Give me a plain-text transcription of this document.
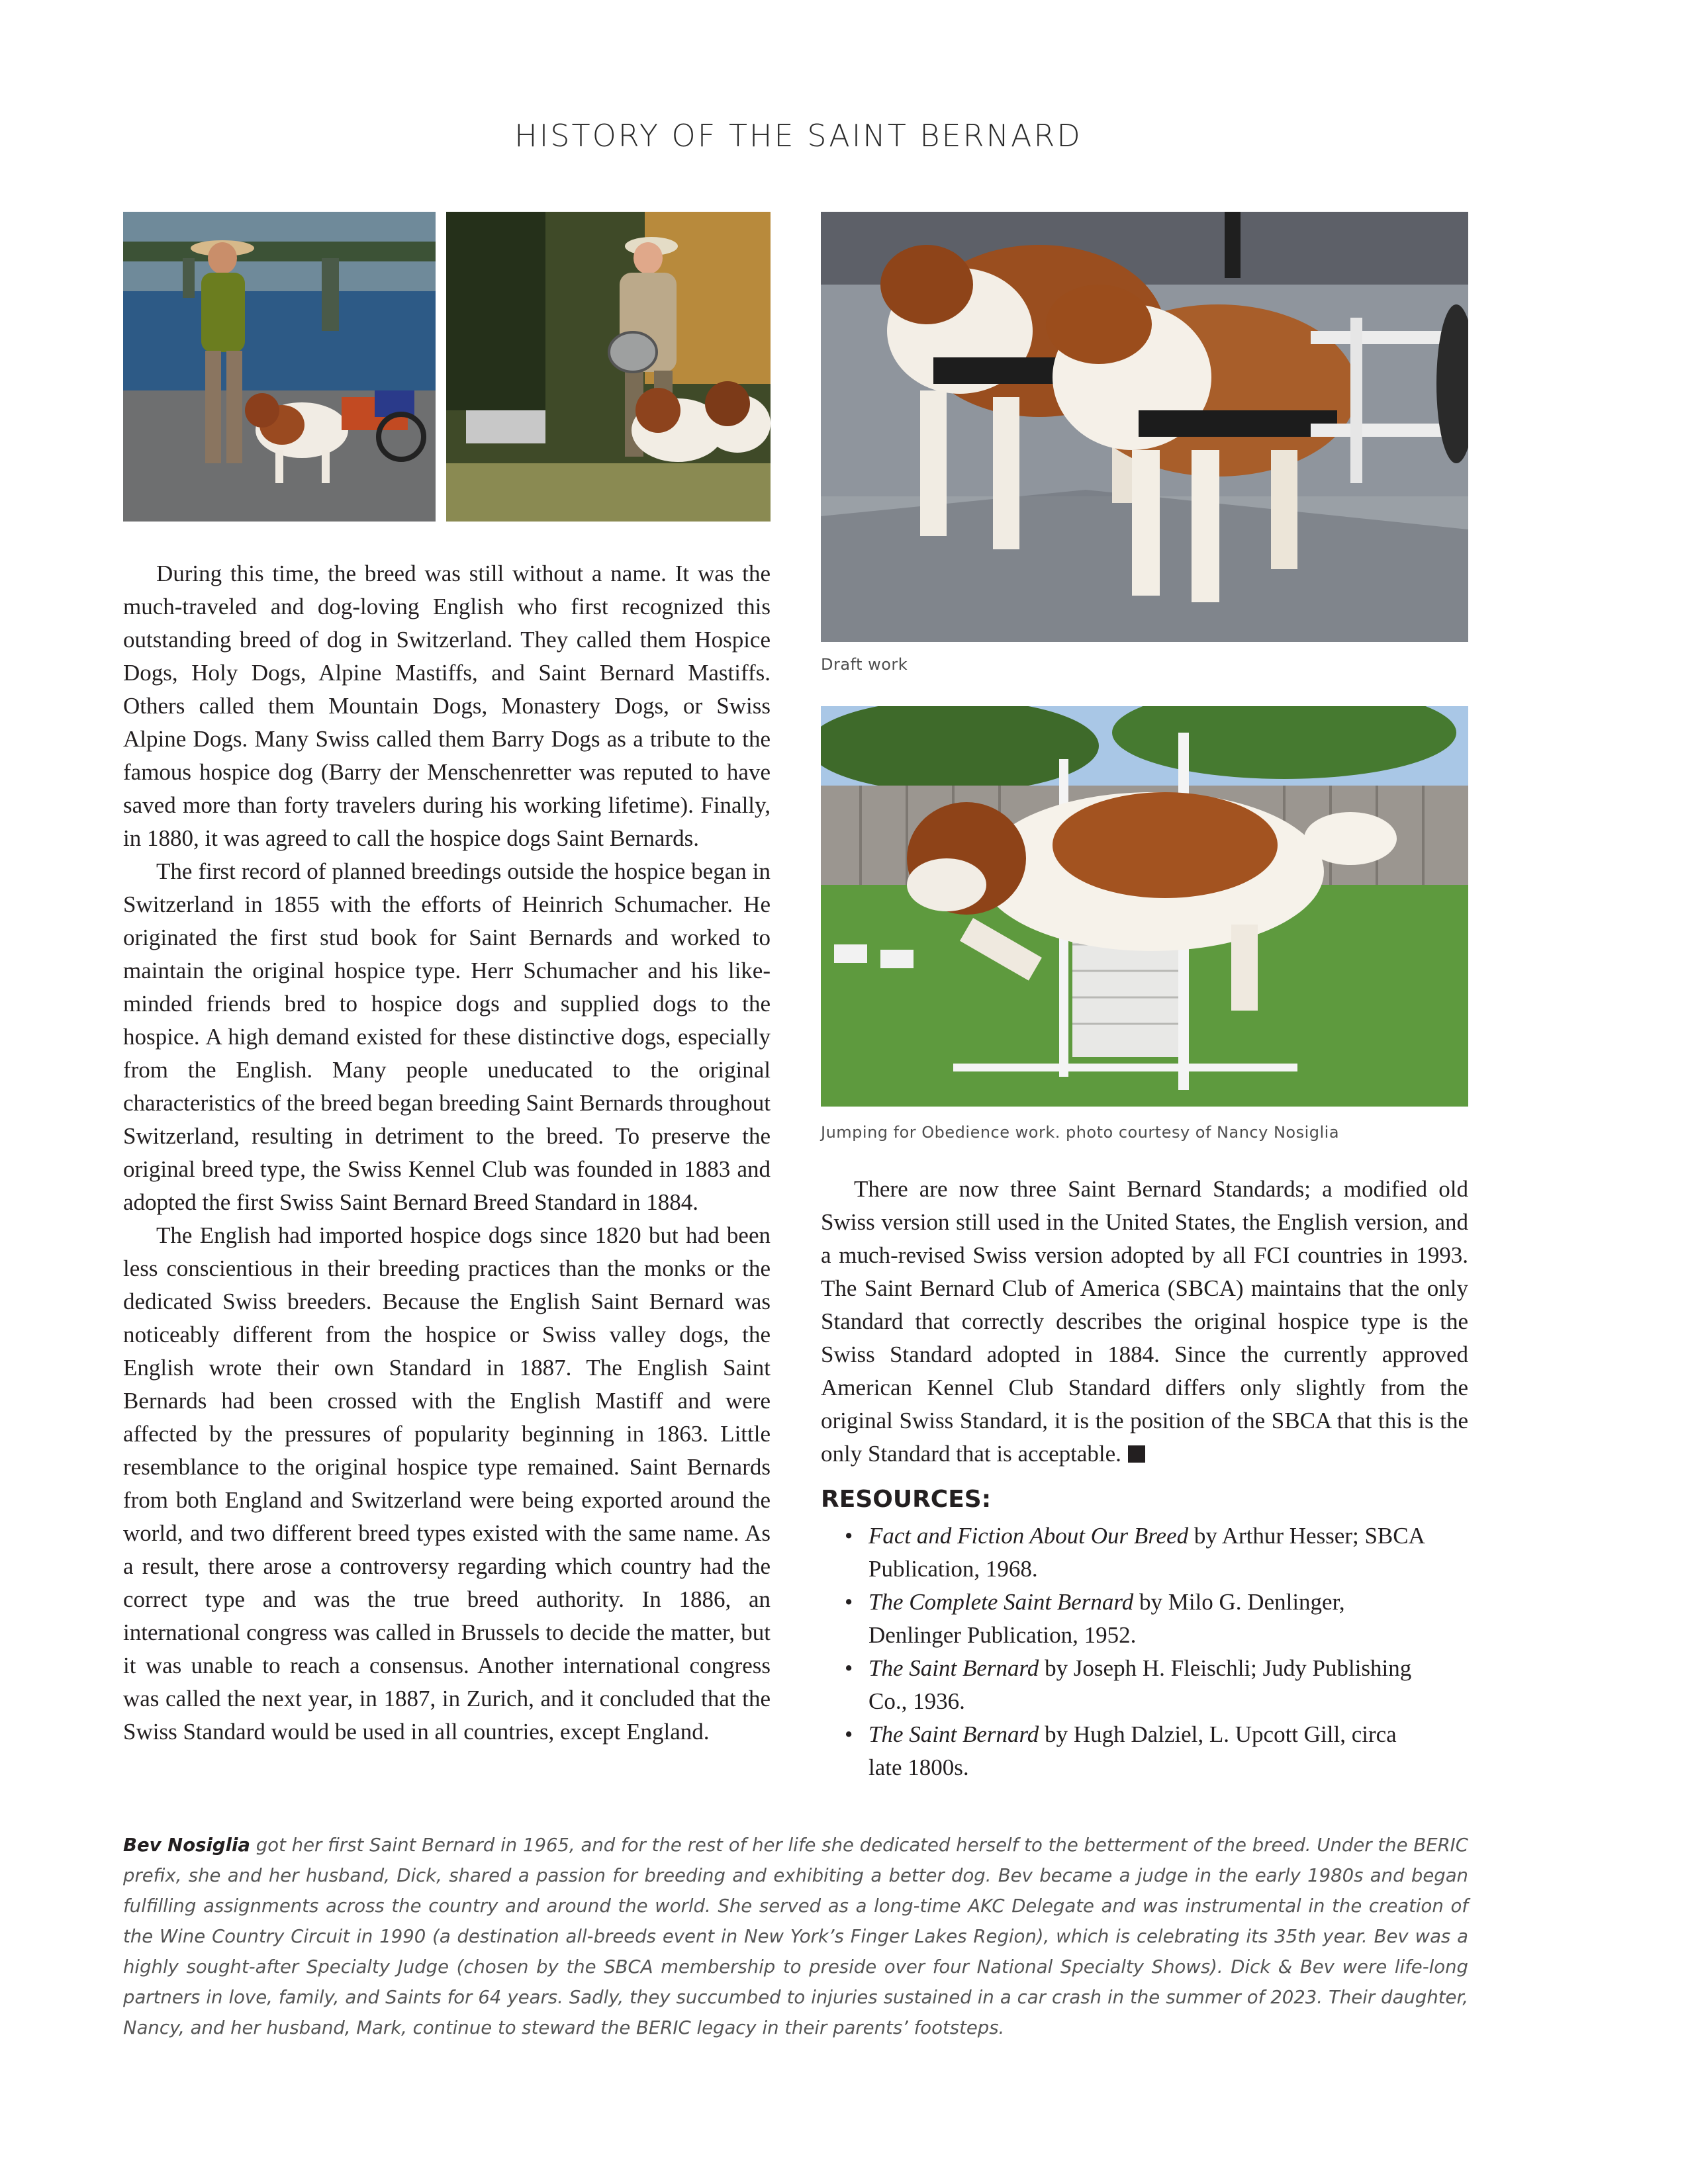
HISTORY OF THE SAINT BERNARD

Draft work

Jumping for Obedience work. photo courtesy of Nancy Nosiglia

During this time, the breed was still without a name. It was the much-traveled and dog-loving English who first recognized this outstanding breed of dog in Switzerland. They called them Hospice Dogs, Holy Dogs, Alpine Mastiffs, and Saint Bernard Mastiffs. Others called them Mountain Dogs, Monastery Dogs, or Swiss Alpine Dogs. Many Swiss called them Barry Dogs as a tribute to the famous hospice dog (Barry der Menschenretter was reputed to have saved more than forty travelers during his working lifetime). Finally, in 1880, it was agreed to call the hospice dogs Saint Bernards.

The first record of planned breedings outside the hospice began in Switzerland in 1855 with the efforts of Heinrich Schumacher. He originated the first stud book for Saint Bernards and worked to maintain the original hospice type. Herr Schumacher and his like-minded friends bred to hospice dogs and supplied dogs to the hospice. A high demand existed for these distinctive dogs, especially from the English. Many people uneducated to the original characteristics of the breed began breeding Saint Bernards throughout Switzerland, resulting in detriment to the breed. To preserve the original breed type, the Swiss Kennel Club was founded in 1883 and adopted the first Swiss Saint Bernard Breed Standard in 1884.

The English had imported hospice dogs since 1820 but had been less conscientious in their breeding practices than the monks or the dedicated Swiss breeders. Because the English Saint Bernard was noticeably different from the hospice or Swiss valley dogs, the English wrote their own Standard in 1887. The English Saint Bernards had been crossed with the English Mastiff and were affected by the pressures of popularity beginning in 1863. Little resemblance to the original hospice type remained. Saint Bernards from both England and Switzerland were being exported around the world, and two different breed types existed with the same name. As a result, there arose a controversy regarding which country had the correct type and was the true breed authority. In 1886, an international congress was called in Brussels to decide the matter, but it was unable to reach a consensus. Another international congress was called the next year, in 1887, in Zurich, and it concluded that the Swiss Standard would be used in all countries, except England.

There are now three Saint Bernard Standards; a modified old Swiss version still used in the United States, the English version, and a much-revised Swiss version adopted by all FCI countries in 1993. The Saint Bernard Club of America (SBCA) maintains that the only Standard that correctly describes the original hospice type is the Swiss Standard adopted in 1884. Since the currently approved American Kennel Club Standard differs only slightly from the original Swiss Standard, it is the position of the SBCA that this is the only Standard that is acceptable.

RESOURCES:
• Fact and Fiction About Our Breed by Arthur Hesser; SBCA Publication, 1968.
• The Complete Saint Bernard by Milo G. Denlinger, Denlinger Publication, 1952.
• The Saint Bernard by Joseph H. Fleischli; Judy Publishing Co., 1936.
• The Saint Bernard by Hugh Dalziel, L. Upcott Gill, circa late 1800s.

Bev Nosiglia got her first Saint Bernard in 1965, and for the rest of her life she dedicated herself to the betterment of the breed. Under the BERIC prefix, she and her husband, Dick, shared a passion for breeding and exhibiting a better dog. Bev became a judge in the early 1980s and began fulfilling assignments across the country and around the world. She served as a long-time AKC Delegate and was instrumental in the creation of the Wine Country Circuit in 1990 (a destination all-breeds event in New York’s Finger Lakes Region), which is celebrating its 35th year. Bev was a highly sought-after Specialty Judge (chosen by the SBCA membership to preside over four National Specialty Shows). Dick & Bev were life-long partners in love, family, and Saints for 64 years. Sadly, they succumbed to injuries sustained in a car crash in the summer of 2023. Their daughter, Nancy, and her husband, Mark, continue to steward the BERIC legacy in their parents’ footsteps.
